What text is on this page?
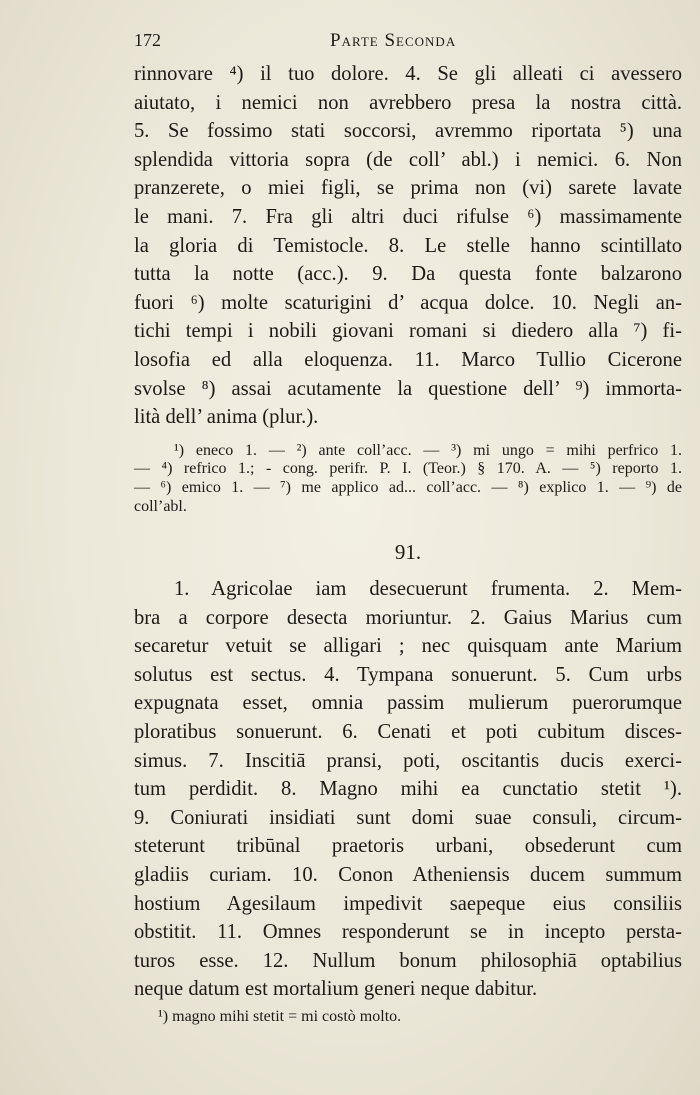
172	Parte Seconda
rinnovare ⁴) il tuo dolore. 4. Se gli alleati ci avessero
aiutato, i nemici non avrebbero presa la nostra città.
5. Se fossimo stati soccorsi, avremmo riportata ⁵) una
splendida vittoria sopra (de coll’ abl.) i nemici. 6. Non
pranzerete, o miei figli, se prima non (vi) sarete lavate
le mani. 7. Fra gli altri duci rifulse ⁶) massimamente
la gloria di Temistocle. 8. Le stelle hanno scintillato
tutta la notte (acc.). 9. Da questa fonte balzarono
fuori ⁶) molte scaturigini d’ acqua dolce. 10. Negli an-
tichi tempi i nobili giovani romani si diedero alla ⁷) fi-
losofia ed alla eloquenza. 11. Marco Tullio Cicerone
svolse ⁸) assai acutamente la questione dell’ ⁹) immorta-
lità dell’ anima (plur.).
¹) eneco 1. — ²) ante coll’acc. — ³) mi ungo = mihi perfrico 1.
— ⁴) refrico 1.; - cong. perifr. P. I. (Teor.) § 170. A. — ⁵) reporto 1.
— ⁶) emico 1. — ⁷) me applico ad... coll’acc. — ⁸) explico 1. — ⁹) de
coll’abl.
91.
1. Agricolae iam desecuerunt frumenta. 2. Mem-
bra a corpore desecta moriuntur. 2. Gaius Marius cum
secaretur vetuit se alligari ; nec quisquam ante Marium
solutus est sectus. 4. Tympana sonuerunt. 5. Cum urbs
expugnata esset, omnia passim mulierum puerorumque
ploratibus sonuerunt. 6. Cenati et poti cubitum disces-
simus. 7. Inscitiā pransi, poti, oscitantis ducis exerci-
tum perdidit. 8. Magno mihi ea cunctatio stetit ¹).
9. Coniurati insidiati sunt domi suae consuli, circum-
steterunt tribūnal praetoris urbani, obsederunt cum
gladiis curiam. 10. Conon Atheniensis ducem summum
hostium Agesilaum impedivit saepeque eius consiliis
obstitit. 11. Omnes responderunt se in incepto persta-
turos esse. 12. Nullum bonum philosophiā optabilius
neque datum est mortalium generi neque dabitur.
¹) magno mihi stetit = mi costò molto.
